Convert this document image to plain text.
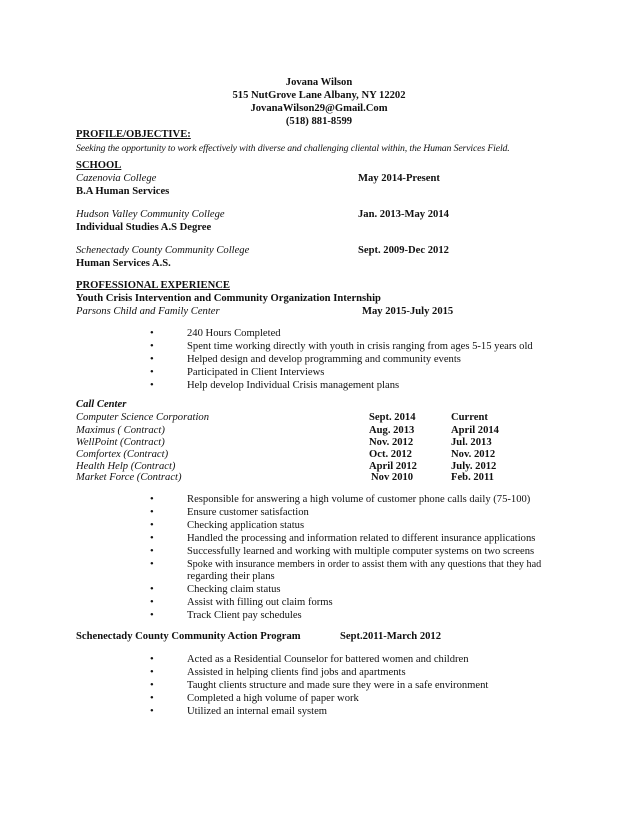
Jovana Wilson
515 NutGrove Lane Albany, NY 12202
JovanaWilson29@Gmail.Com
(518) 881-8599
PROFILE/OBJECTIVE:
Seeking the opportunity to work effectively with diverse and challenging cliental within, the Human Services Field.
SCHOOL
Cazenovia College	May 2014-Present
B.A Human Services
Hudson Valley Community College	Jan. 2013-May 2014
Individual Studies A.S Degree
Schenectady County Community College	Sept. 2009-Dec 2012
Human Services A.S.
PROFESSIONAL EXPERIENCE
Youth Crisis Intervention and Community Organization Internship
Parsons Child and Family Center	May 2015-July 2015
•	240 Hours Completed
•	Spent time working directly with youth in crisis ranging from ages 5-15 years old
•	Helped design and develop programming and community events
•	Participated in Client Interviews
•	Help develop Individual Crisis management plans
Call Center
Computer Science Corporation	Sept. 2014	Current
Maximus ( Contract)	Aug. 2013	April 2014
WellPoint (Contract)	Nov. 2012	Jul. 2013
Comfortex (Contract)	Oct. 2012	Nov. 2012
Health Help (Contract)	April 2012	July. 2012
Market Force (Contract)	Nov 2010	Feb. 2011
•	Responsible for answering a high volume of customer phone calls daily (75-100)
•	Ensure customer satisfaction
•	Checking application status
•	Handled the processing and information related to different insurance applications
•	Successfully learned and working with multiple computer systems on two screens
•	Spoke with insurance members in order to assist them with any questions that they had
regarding their plans
•	Checking claim status
•	Assist with filling out claim forms
•	Track Client pay schedules
Schenectady County Community Action Program	Sept.2011-March 2012
•	Acted as a Residential Counselor for battered women and children
•	Assisted in helping clients find jobs and apartments
•	Taught clients structure and made sure they were in a safe environment
•	Completed a high volume of paper work
•	Utilized an internal email system
